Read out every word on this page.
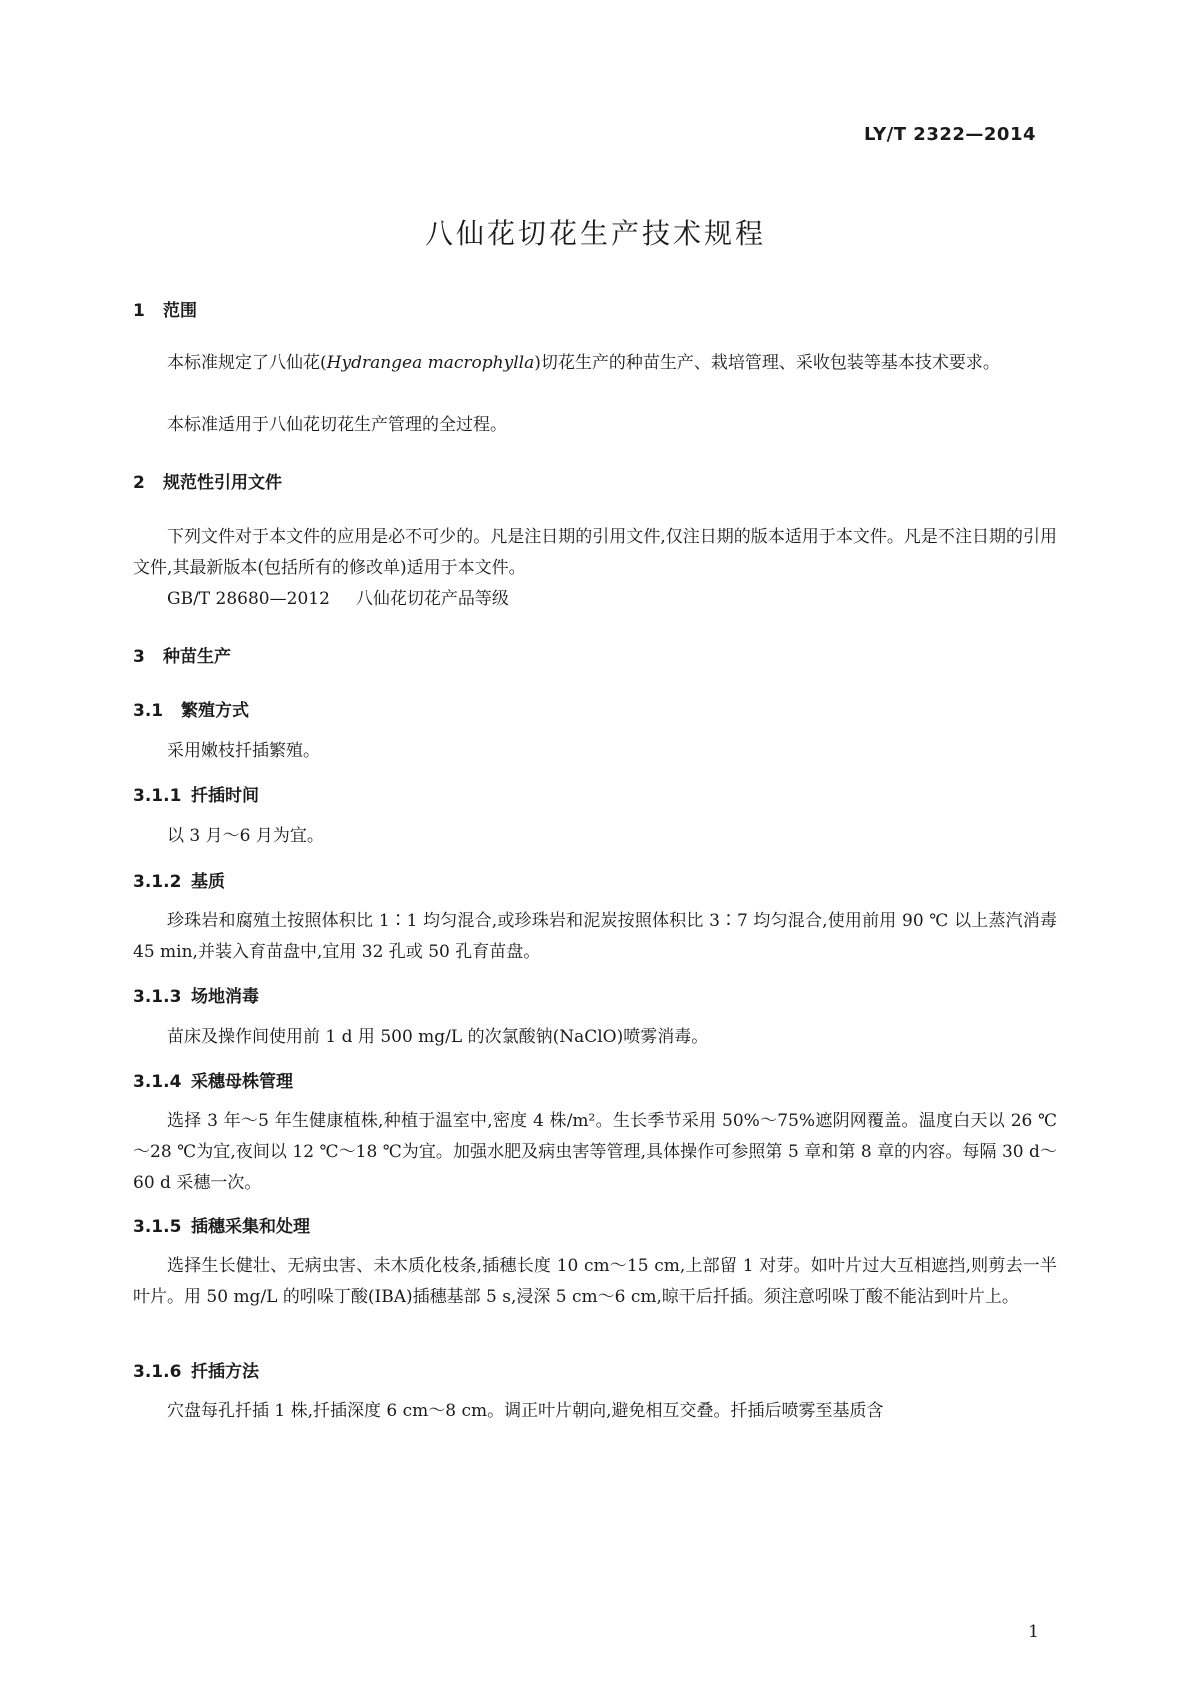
LY/T 2322—2014
八仙花切花生产技术规程
1 范围

本标准规定了八仙花(Hydrangea macrophylla)切花生产的种苗生产、栽培管理、采收包装等基本技术要求。

本标准适用于八仙花切花生产管理的全过程。

2 规范性引用文件

下列文件对于本文件的应用是必不可少的。凡是注日期的引用文件,仅注日期的版本适用于本文件。凡是不注日期的引用文件,其最新版本(包括所有的修改单)适用于本文件。

GB/T 28680—2012 八仙花切花产品等级

3 种苗生产
3.1 繁殖方式

采用嫩枝扦插繁殖。

3.1.1 扦插时间

以 3 月～6 月为宜。

3.1.2 基质

珍珠岩和腐殖土按照体积比 1∶1 均匀混合,或珍珠岩和泥炭按照体积比 3∶7 均匀混合,使用前用 90 ℃ 以上蒸汽消毒 45 min,并装入育苗盘中,宜用 32 孔或 50 孔育苗盘。

3.1.3 场地消毒

苗床及操作间使用前 1 d 用 500 mg/L 的次氯酸钠(NaClO)喷雾消毒。

3.1.4 采穗母株管理

选择 3 年～5 年生健康植株,种植于温室中,密度 4 株/m²。生长季节采用 50%～75%遮阴网覆盖。温度白天以 26 ℃～28 ℃为宜,夜间以 12 ℃～18 ℃为宜。加强水肥及病虫害等管理,具体操作可参照第 5 章和第 8 章的内容。每隔 30 d～60 d 采穗一次。

3.1.5 插穗采集和处理

选择生长健壮、无病虫害、未木质化枝条,插穗长度 10 cm～15 cm,上部留 1 对芽。如叶片过大互相遮挡,则剪去一半叶片。用 50 mg/L 的吲哚丁酸(IBA)插穗基部 5 s,浸深 5 cm～6 cm,晾干后扦插。须注意吲哚丁酸不能沾到叶片上。

3.1.6 扦插方法

穴盘每孔扦插 1 株,扦插深度 6 cm～8 cm。调正叶片朝向,避免相互交叠。扦插后喷雾至基质含

1
